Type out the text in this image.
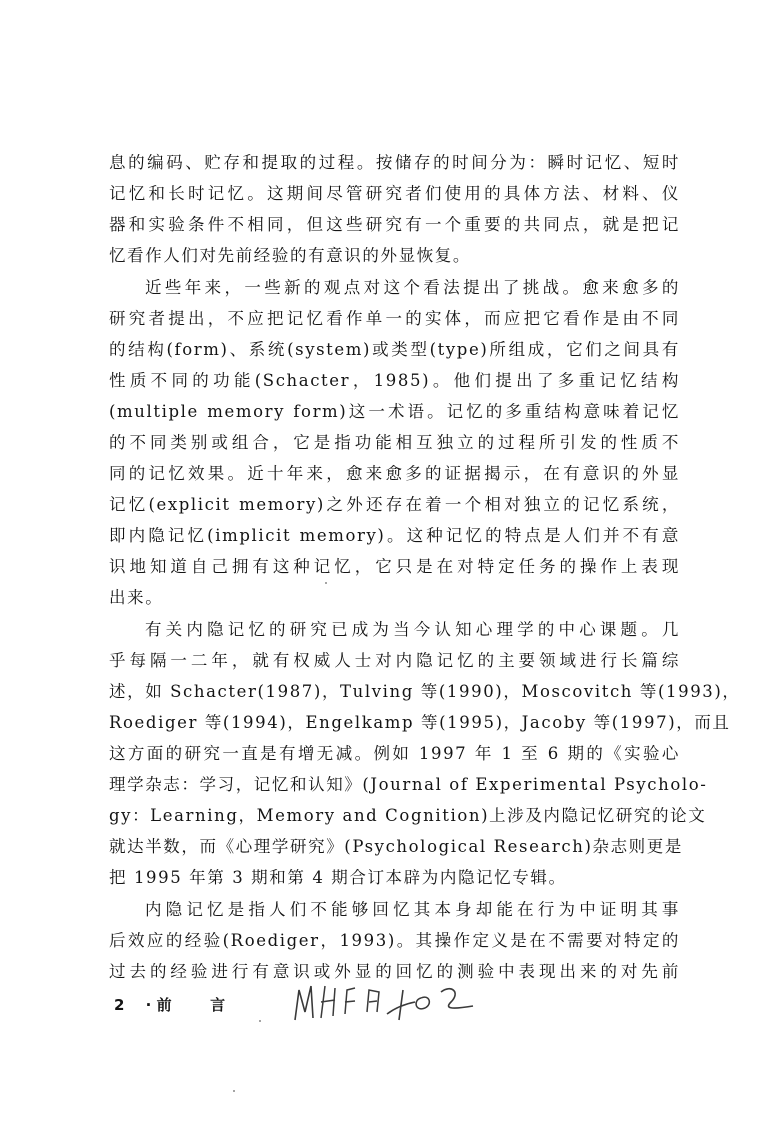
息的编码、贮存和提取的过程。按储存的时间分为：瞬时记忆、短时
记忆和长时记忆。这期间尽管研究者们使用的具体方法、材料、仪
器和实验条件不相同，但这些研究有一个重要的共同点，就是把记
忆看作人们对先前经验的有意识的外显恢复。
近些年来，一些新的观点对这个看法提出了挑战。愈来愈多的
研究者提出，不应把记忆看作单一的实体，而应把它看作是由不同
的结构(form)、系统(system)或类型(type)所组成，它们之间具有
性质不同的功能(Schacter，1985)。他们提出了多重记忆结构
(multiple memory form)这一术语。记忆的多重结构意味着记忆
的不同类别或组合，它是指功能相互独立的过程所引发的性质不
同的记忆效果。近十年来，愈来愈多的证据揭示，在有意识的外显
记忆(explicit memory)之外还存在着一个相对独立的记忆系统，
即内隐记忆(implicit memory)。这种记忆的特点是人们并不有意
识地知道自己拥有这种记忆，它只是在对特定任务的操作上表现
出来。
有关内隐记忆的研究已成为当今认知心理学的中心课题。几
乎每隔一二年，就有权威人士对内隐记忆的主要领域进行长篇综
述，如 Schacter(1987)，Tulving 等(1990)，Moscovitch 等(1993)，
Roediger 等(1994)，Engelkamp 等(1995)，Jacoby 等(1997)，而且
这方面的研究一直是有增无减。例如 1997 年 1 至 6 期的《实验心
理学杂志：学习，记忆和认知》(Journal of Experimental Psycholo-
gy：Learning，Memory and Cognition)上涉及内隐记忆研究的论文
就达半数，而《心理学研究》(Psychological Research)杂志则更是
把 1995 年第 3 期和第 4 期合订本辟为内隐记忆专辑。
内隐记忆是指人们不能够回忆其本身却能在行为中证明其事
后效应的经验(Roediger，1993)。其操作定义是在不需要对特定的
过去的经验进行有意识或外显的回忆的测验中表现出来的对先前
2 · 前	言
